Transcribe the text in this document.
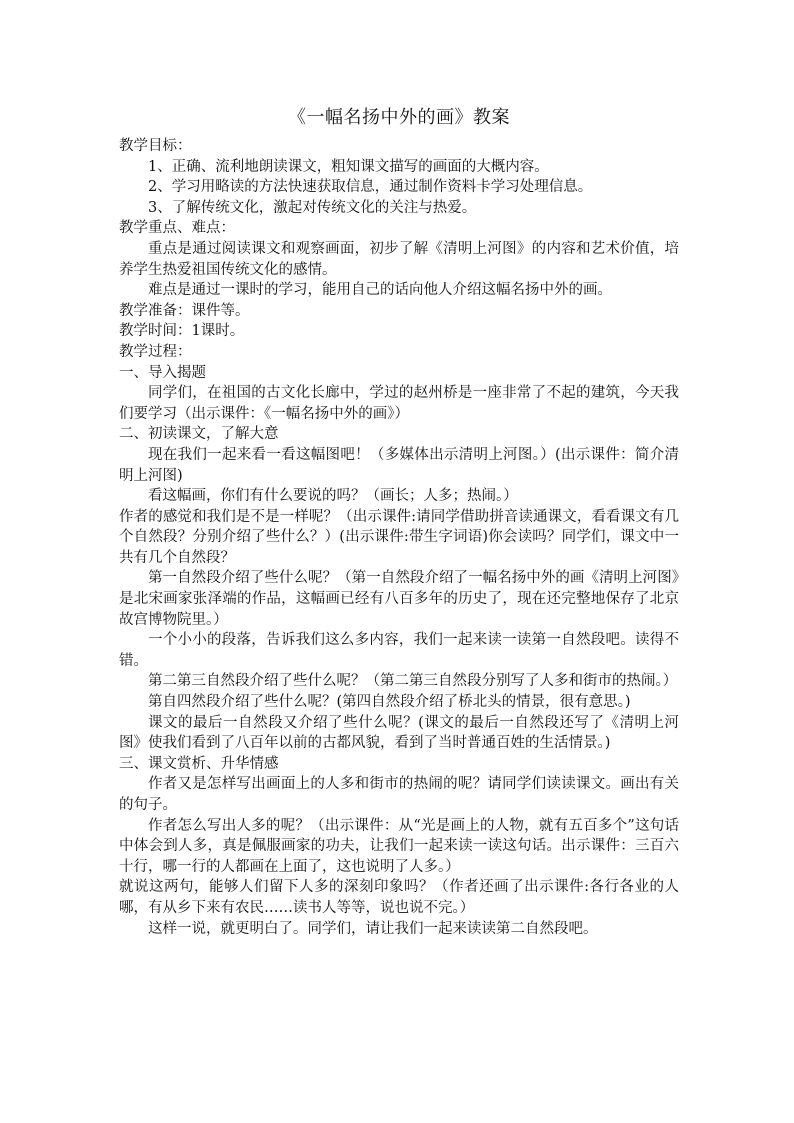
《一幅名扬中外的画》教案

教学目标：

1、正确、流利地朗读课文，粗知课文描写的画面的大概内容。

2、学习用略读的方法快速获取信息，通过制作资料卡学习处理信息。

3、了解传统文化，激起对传统文化的关注与热爱。

教学重点、难点：

重点是通过阅读课文和观察画面，初步了解《清明上河图》的内容和艺术价值，培养学生热爱祖国传统文化的感情。

难点是通过一课时的学习，能用自己的话向他人介绍这幅名扬中外的画。

教学准备：课件等。

教学时间：1课时。

教学过程：

一、导入揭题

同学们，在祖国的古文化长廊中，学过的赵州桥是一座非常了不起的建筑，今天我们要学习（出示课件：《一幅名扬中外的画》）

二、初读课文，了解大意

现在我们一起来看一看这幅图吧！（多媒体出示清明上河图。）(出示课件：简介清明上河图)

看这幅画，你们有什么要说的吗？（画长；人多；热闹。）

作者的感觉和我们是不是一样呢？（出示课件:请同学借助拼音读通课文，看看课文有几个自然段？分别介绍了些什么？）(出示课件:带生字词语)你会读吗？同学们，课文中一共有几个自然段？

第一自然段介绍了些什么呢？（第一自然段介绍了一幅名扬中外的画《清明上河图》是北宋画家张泽端的作品，这幅画已经有八百多年的历史了，现在还完整地保存了北京故宫博物院里。）

一个小小的段落，告诉我们这么多内容，我们一起来读一读第一自然段吧。读得不错。

第二第三自然段介绍了些什么呢？（第二第三自然段分别写了人多和街市的热闹。）

第自四然段介绍了些什么呢？(第四自然段介绍了桥北头的情景，很有意思。)

课文的最后一自然段又介绍了些什么呢？(课文的最后一自然段还写了《清明上河图》使我们看到了八百年以前的古都风貌，看到了当时普通百姓的生活情景。)

三、课文赏析、升华情感

作者又是怎样写出画面上的人多和街市的热闹的呢？请同学们读读课文。画出有关的句子。

作者怎么写出人多的呢？（出示课件：从“光是画上的人物，就有五百多个”这句话中体会到人多，真是佩服画家的功夫，让我们一起来读一读这句话。出示课件：三百六十行，哪一行的人都画在上面了，这也说明了人多。）

就说这两句，能够人们留下人多的深刻印象吗？（作者还画了出示课件:各行各业的人哪，有从乡下来有农民……读书人等等，说也说不完。）

这样一说，就更明白了。同学们，请让我们一起来读读第二自然段吧。
